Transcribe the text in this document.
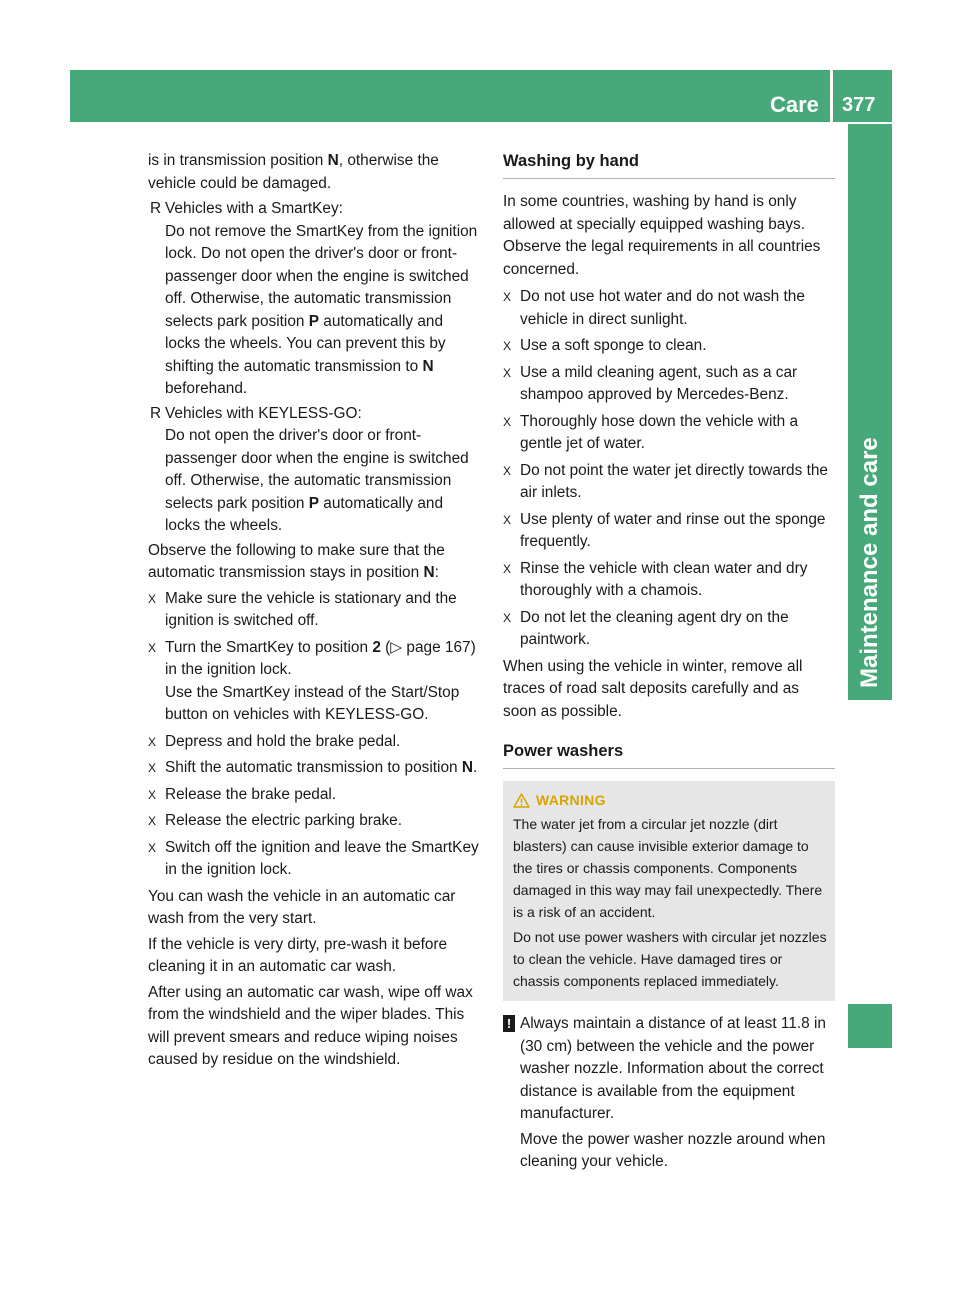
Care 377
Maintenance and care

is in transmission position N, otherwise the vehicle could be damaged.

R Vehicles with a SmartKey:

Do not remove the SmartKey from the ignition lock. Do not open the driver's door or front-passenger door when the engine is switched off. Otherwise, the automatic transmission selects park position P automatically and locks the wheels. You can prevent this by shifting the automatic transmission to N beforehand.

R Vehicles with KEYLESS-GO:

Do not open the driver's door or front-passenger door when the engine is switched off. Otherwise, the automatic transmission selects park position P automatically and locks the wheels.

Observe the following to make sure that the automatic transmission stays in position N:

X Make sure the vehicle is stationary and the ignition is switched off.

X Turn the SmartKey to position 2 (▷ page 167) in the ignition lock.

Use the SmartKey instead of the Start/Stop button on vehicles with KEYLESS-GO.

X Depress and hold the brake pedal.

X Shift the automatic transmission to position N.

X Release the brake pedal.

X Release the electric parking brake.

X Switch off the ignition and leave the SmartKey in the ignition lock.

You can wash the vehicle in an automatic car wash from the very start.

If the vehicle is very dirty, pre-wash it before cleaning it in an automatic car wash.

After using an automatic car wash, wipe off wax from the windshield and the wiper blades. This will prevent smears and reduce wiping noises caused by residue on the windshield.

Washing by hand

In some countries, washing by hand is only allowed at specially equipped washing bays. Observe the legal requirements in all countries concerned.

X Do not use hot water and do not wash the vehicle in direct sunlight.

X Use a soft sponge to clean.

X Use a mild cleaning agent, such as a car shampoo approved by Mercedes-Benz.

X Thoroughly hose down the vehicle with a gentle jet of water.

X Do not point the water jet directly towards the air inlets.

X Use plenty of water and rinse out the sponge frequently.

X Rinse the vehicle with clean water and dry thoroughly with a chamois.

X Do not let the cleaning agent dry on the paintwork.

When using the vehicle in winter, remove all traces of road salt deposits carefully and as soon as possible.

Power washers
WARNING

The water jet from a circular jet nozzle (dirt blasters) can cause invisible exterior damage to the tires or chassis components. Components damaged in this way may fail unexpectedly. There is a risk of an accident.

Do not use power washers with circular jet nozzles to clean the vehicle. Have damaged tires or chassis components replaced immediately.

! Always maintain a distance of at least 11.8 in (30 cm) between the vehicle and the power washer nozzle. Information about the correct distance is available from the equipment manufacturer.

Move the power washer nozzle around when cleaning your vehicle.
